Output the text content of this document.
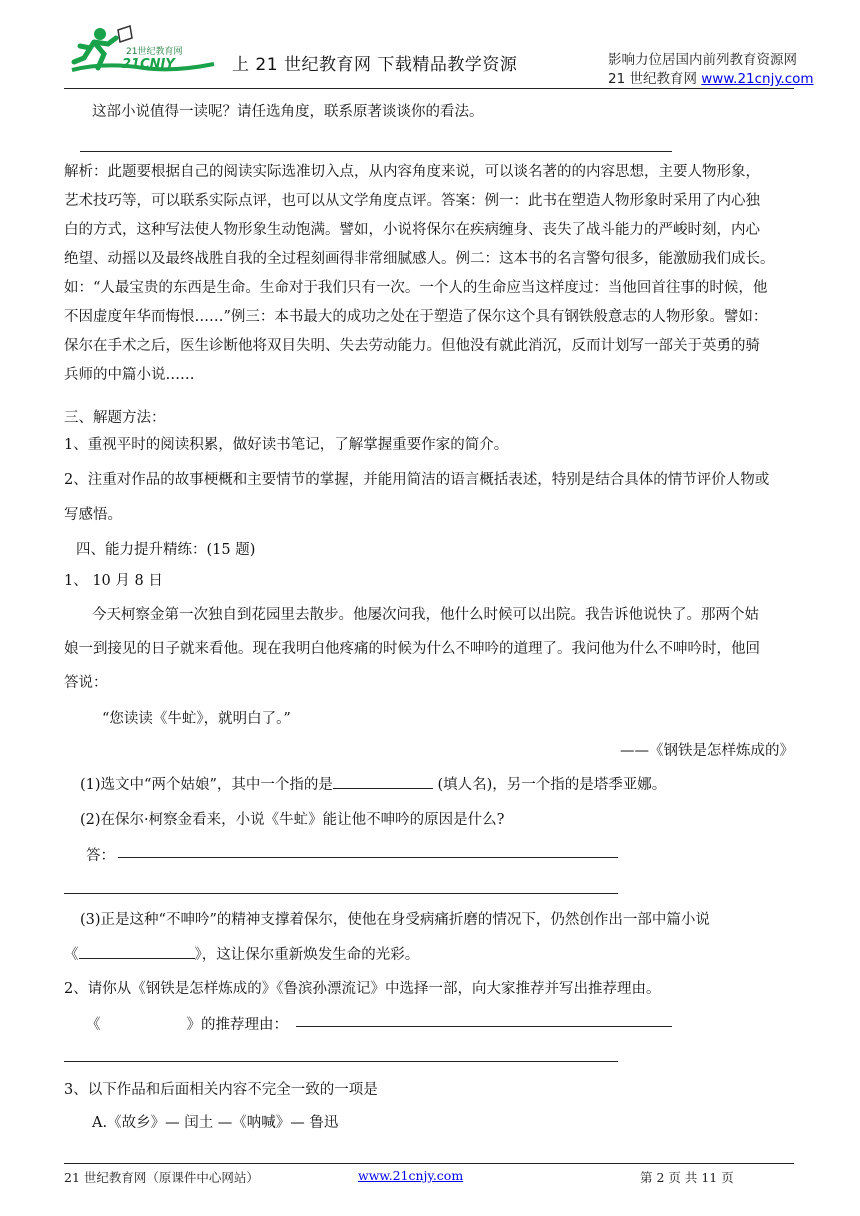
21世纪教育网
21CNJY	上 21 世纪教育网 下载精品教学资源	影响力位居国内前列教育资源网
21 世纪教育网 www.21cnjy.com
这部小说值得一读呢？请任选角度，联系原著谈谈你的看法。
解析：此题要根据自己的阅读实际选准切入点，从内容角度来说，可以谈名著的的内容思想，主要人物形象，
艺术技巧等，可以联系实际点评，也可以从文学角度点评。答案：例一：此书在塑造人物形象时采用了内心独
白的方式，这种写法使人物形象生动饱满。譬如，小说将保尔在疾病缠身、丧失了战斗能力的严峻时刻，内心
绝望、动摇以及最终战胜自我的全过程刻画得非常细腻感人。例二：这本书的名言警句很多，能激励我们成长。
如：“人最宝贵的东西是生命。生命对于我们只有一次。一个人的生命应当这样度过：当他回首往事的时候，他
不因虚度年华而悔恨……”例三：本书最大的成功之处在于塑造了保尔这个具有钢铁般意志的人物形象。譬如：
保尔在手术之后，医生诊断他将双目失明、失去劳动能力。但他没有就此消沉，反而计划写一部关于英勇的骑
兵师的中篇小说……
三、解题方法：
1、重视平时的阅读积累，做好读书笔记，了解掌握重要作家的简介。
2、注重对作品的故事梗概和主要情节的掌握，并能用简洁的语言概括表述，特别是结合具体的情节评价人物或
写感悟。
四、能力提升精练：(15 题)
1、 10 月 8 日
今天柯察金第一次独自到花园里去散步。他屡次问我，他什么时候可以出院。我告诉他说快了。那两个姑
娘一到接见的日子就来看他。现在我明白他疼痛的时候为什么不呻吟的道理了。我问他为什么不呻吟时，他回
答说：
“您读读《牛虻》，就明白了。”
——《钢铁是怎样炼成的》
(1)选文中“两个姑娘”，其中一个指的是	(填人名)，另一个指的是塔季亚娜。
(2)在保尔·柯察金看来，小说《牛虻》能让他不呻吟的原因是什么?
答：
(3)正是这种“不呻吟”的精神支撑着保尔，使他在身受病痛折磨的情况下，仍然创作出一部中篇小说
《	》，这让保尔重新焕发生命的光彩。
2、请你从《钢铁是怎样炼成的》《鲁滨孙漂流记》中选择一部，向大家推荐并写出推荐理由。
《	》的推荐理由：
3、以下作品和后面相关内容不完全一致的一项是
A.《故乡》— 闰土 —《呐喊》— 鲁迅
21 世纪教育网（原课件中心网站）	www.21cnjy.com	第 2 页 共 11 页
